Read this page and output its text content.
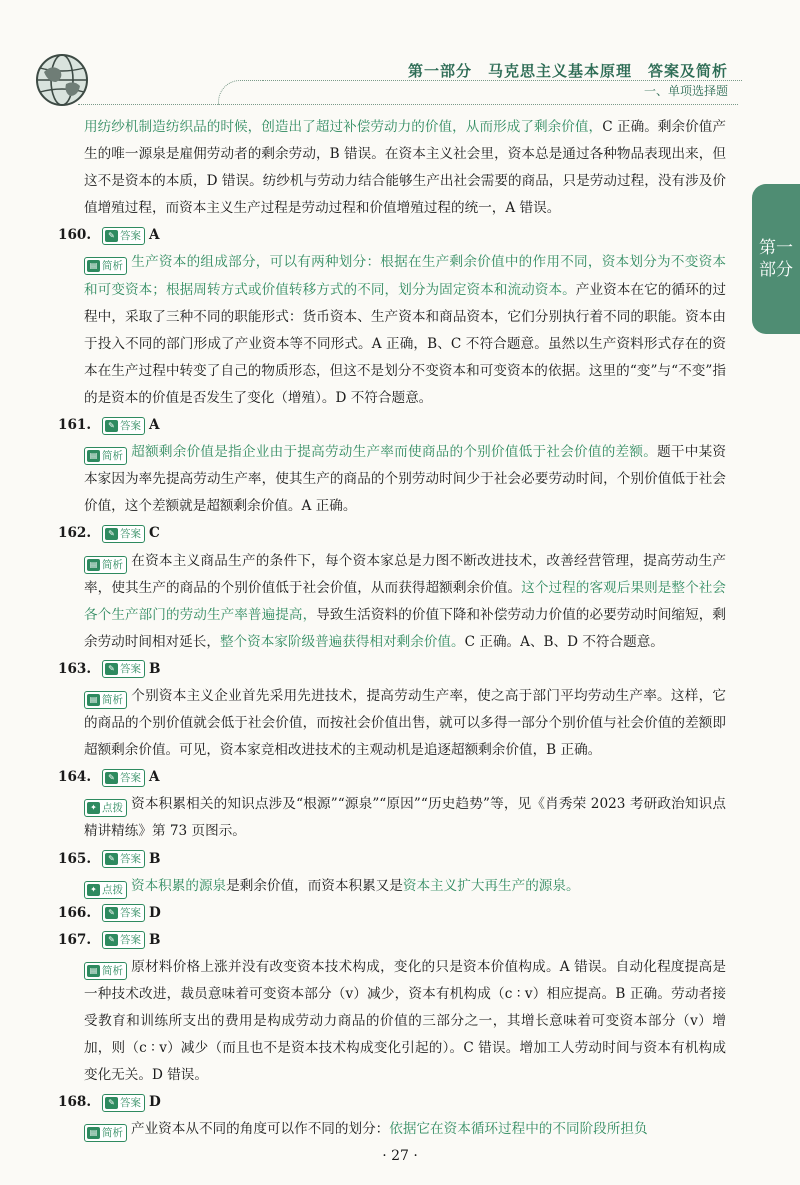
第一部分　马克思主义基本原理　答案及简析
一、单项选择题
第一
部分
用纺纱机制造纺织品的时候，创造出了超过补偿劳动力的价值，从而形成了剩余价值，C 正确。剩余价值产生的唯一源泉是雇佣劳动者的剩余劳动，B 错误。在资本主义社会里，资本总是通过各种物品表现出来，但这不是资本的本质，D 错误。纺纱机与劳动力结合能够生产出社会需要的商品，只是劳动过程，没有涉及价值增殖过程，而资本主义生产过程是劳动过程和价值增殖过程的统一，A 错误。
160.	✎ 答案 A
▤ 简析 生产资本的组成部分，可以有两种划分：根据在生产剩余价值中的作用不同，资本划分为不变资本和可变资本；根据周转方式或价值转移方式的不同，划分为固定资本和流动资本。产业资本在它的循环的过程中，采取了三种不同的职能形式：货币资本、生产资本和商品资本，它们分别执行着不同的职能。资本由于投入不同的部门形成了产业资本等不同形式。A 正确，B、C 不符合题意。虽然以生产资料形式存在的资本在生产过程中转变了自己的物质形态，但这不是划分不变资本和可变资本的依据。这里的“变”与“不变”指的是资本的价值是否发生了变化（增殖）。D 不符合题意。
161.	✎ 答案 A
▤ 简析 超额剩余价值是指企业由于提高劳动生产率而使商品的个别价值低于社会价值的差额。题干中某资本家因为率先提高劳动生产率，使其生产的商品的个别劳动时间少于社会必要劳动时间，个别价值低于社会价值，这个差额就是超额剩余价值。A 正确。
162.	✎ 答案 C
▤ 简析 在资本主义商品生产的条件下，每个资本家总是力图不断改进技术，改善经营管理，提高劳动生产率，使其生产的商品的个别价值低于社会价值，从而获得超额剩余价值。这个过程的客观后果则是整个社会各个生产部门的劳动生产率普遍提高，导致生活资料的价值下降和补偿劳动力价值的必要劳动时间缩短，剩余劳动时间相对延长，整个资本家阶级普遍获得相对剩余价值。C 正确。A、B、D 不符合题意。
163.	✎ 答案 B
▤ 简析 个别资本主义企业首先采用先进技术，提高劳动生产率，使之高于部门平均劳动生产率。这样，它的商品的个别价值就会低于社会价值，而按社会价值出售，就可以多得一部分个别价值与社会价值的差额即超额剩余价值。可见，资本家竞相改进技术的主观动机是追逐超额剩余价值，B 正确。
164.	✎ 答案 A
✦ 点拨 资本积累相关的知识点涉及“根源”“源泉”“原因”“历史趋势”等，见《肖秀荣 2023 考研政治知识点精讲精练》第 73 页图示。
165.	✎ 答案 B
✦ 点拨 资本积累的源泉是剩余价值，而资本积累又是资本主义扩大再生产的源泉。
166.	✎ 答案 D
167.	✎ 答案 B
▤ 简析 原材料价格上涨并没有改变资本技术构成，变化的只是资本价值构成。A 错误。自动化程度提高是一种技术改进，裁员意味着可变资本部分（v）减少，资本有机构成（c ∶ v）相应提高。B 正确。劳动者接受教育和训练所支出的费用是构成劳动力商品的价值的三部分之一，其增长意味着可变资本部分（v）增加，则（c ∶ v）减少（而且也不是资本技术构成变化引起的）。C 错误。增加工人劳动时间与资本有机构成变化无关。D 错误。
168.	✎ 答案 D
▤ 简析 产业资本从不同的角度可以作不同的划分：依据它在资本循环过程中的不同阶段所担负
· 27 ·
